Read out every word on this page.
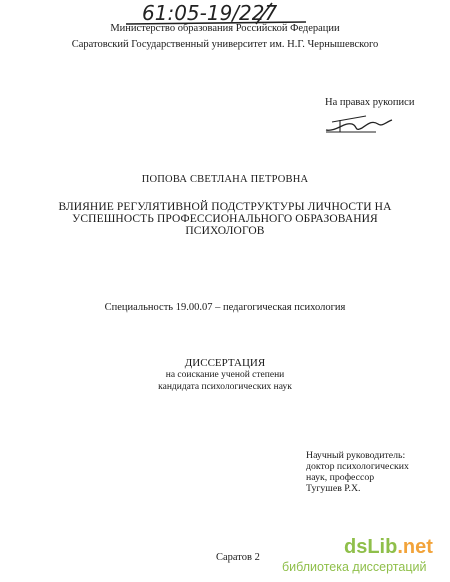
61:05-19/227
Министерство образования Российской Федерации
Саратовский Государственный университет им. Н.Г. Чернышевского
На правах рукописи
ПОПОВА СВЕТЛАНА ПЕТРОВНА
ВЛИЯНИЕ РЕГУЛЯТИВНОЙ ПОДСТРУКТУРЫ ЛИЧНОСТИ НА
УСПЕШНОСТЬ ПРОФЕССИОНАЛЬНОГО ОБРАЗОВАНИЯ
ПСИХОЛОГОВ
Специальность 19.00.07 – педагогическая психология
ДИССЕРТАЦИЯ
на соискание ученой степени
кандидата психологических наук
Научный руководитель:
доктор психологических
наук, профессор
Тугушев Р.Х.
Саратов 2	dsLib.net
библиотека диссертаций
